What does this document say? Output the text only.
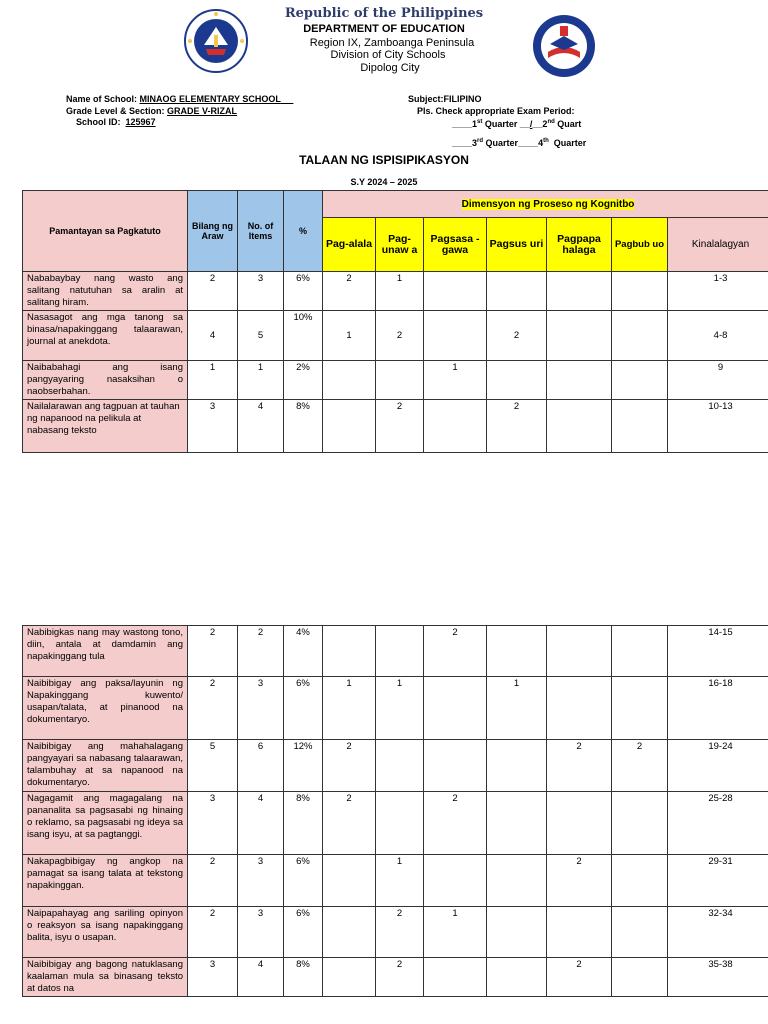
Republic of the Philippines
DEPARTMENT OF EDUCATION
Region IX, Zamboanga Peninsula
Division of City Schools
Dipolog City
Name of School: MINAOG ELEMENTARY SCHOOL
Grade Level & Section: GRADE V-RIZAL
School ID: 125967
Subject:FILIPINO
Pls. Check appropriate Exam Period:
____1st Quarter __/__2nd Quart
____3rd Quarter____4th  Quarter
TALAAN NG ISPISIPIKASYON
S.Y 2024 – 2025
Pamantayan sa Pagkatuto	Bilang ng Araw	No. of Items	%	Dimensyon ng Proseso ng Kognitbo						
				Pag-alala	Pag-unaw a	Pagsasa -gawa	Pagsus uri	Pagpapa halaga	Pagbub uo	Kinalalagyan
Nababaybay nang wasto ang salitang natutuhan sa aralin at salitang hiram.	2	3	6%	2	1					1-3
Nasasagot ang mga tanong sa binasa/napakinggang talaarawan, journal at anekdota.	4	5	10%	1	2		2			4-8
Naibabahagi ang isang pangyayaring nasaksihan o naobserbahan.	1	1	2%			1				9
Nailalarawan ang tagpuan at tauhan ng napanood na pelikula at nabasang teksto	3	4	8%		2		2			10-13
Nabibigkas nang may wastong tono, diin, antala at damdamin ang napakinggang tula	2	2	4%			2				14-15
Naibibigay ang paksa/layunin ng Napakinggang kuwento/ usapan/talata, at pinanood na dokumentaryo.	2	3	6%	1	1		1			16-18
Naibibigay ang mahahalagang pangyayari sa nabasang talaarawan, talambuhay at sa napanood na dokumentaryo.	5	6	12%	2				2	2	19-24
Nagagamit ang magagalang na pananalita sa pagsasabi ng hinaing o reklamo, sa pagsasabi ng ideya sa isang isyu, at sa pagtanggi.	3	4	8%	2		2				25-28
Nakapagbibigay ng angkop na pamagat sa isang talata at tekstong napakinggan.	2	3	6%		1			2		29-31
Naipapahayag ang sariling opinyon o reaksyon sa isang napakinggang balita, isyu o usapan.	2	3	6%		2	1				32-34
Naibibigay ang bagong natuklasang kaalaman mula sa binasang teksto at datos na	3	4	8%		2			2		35-38
